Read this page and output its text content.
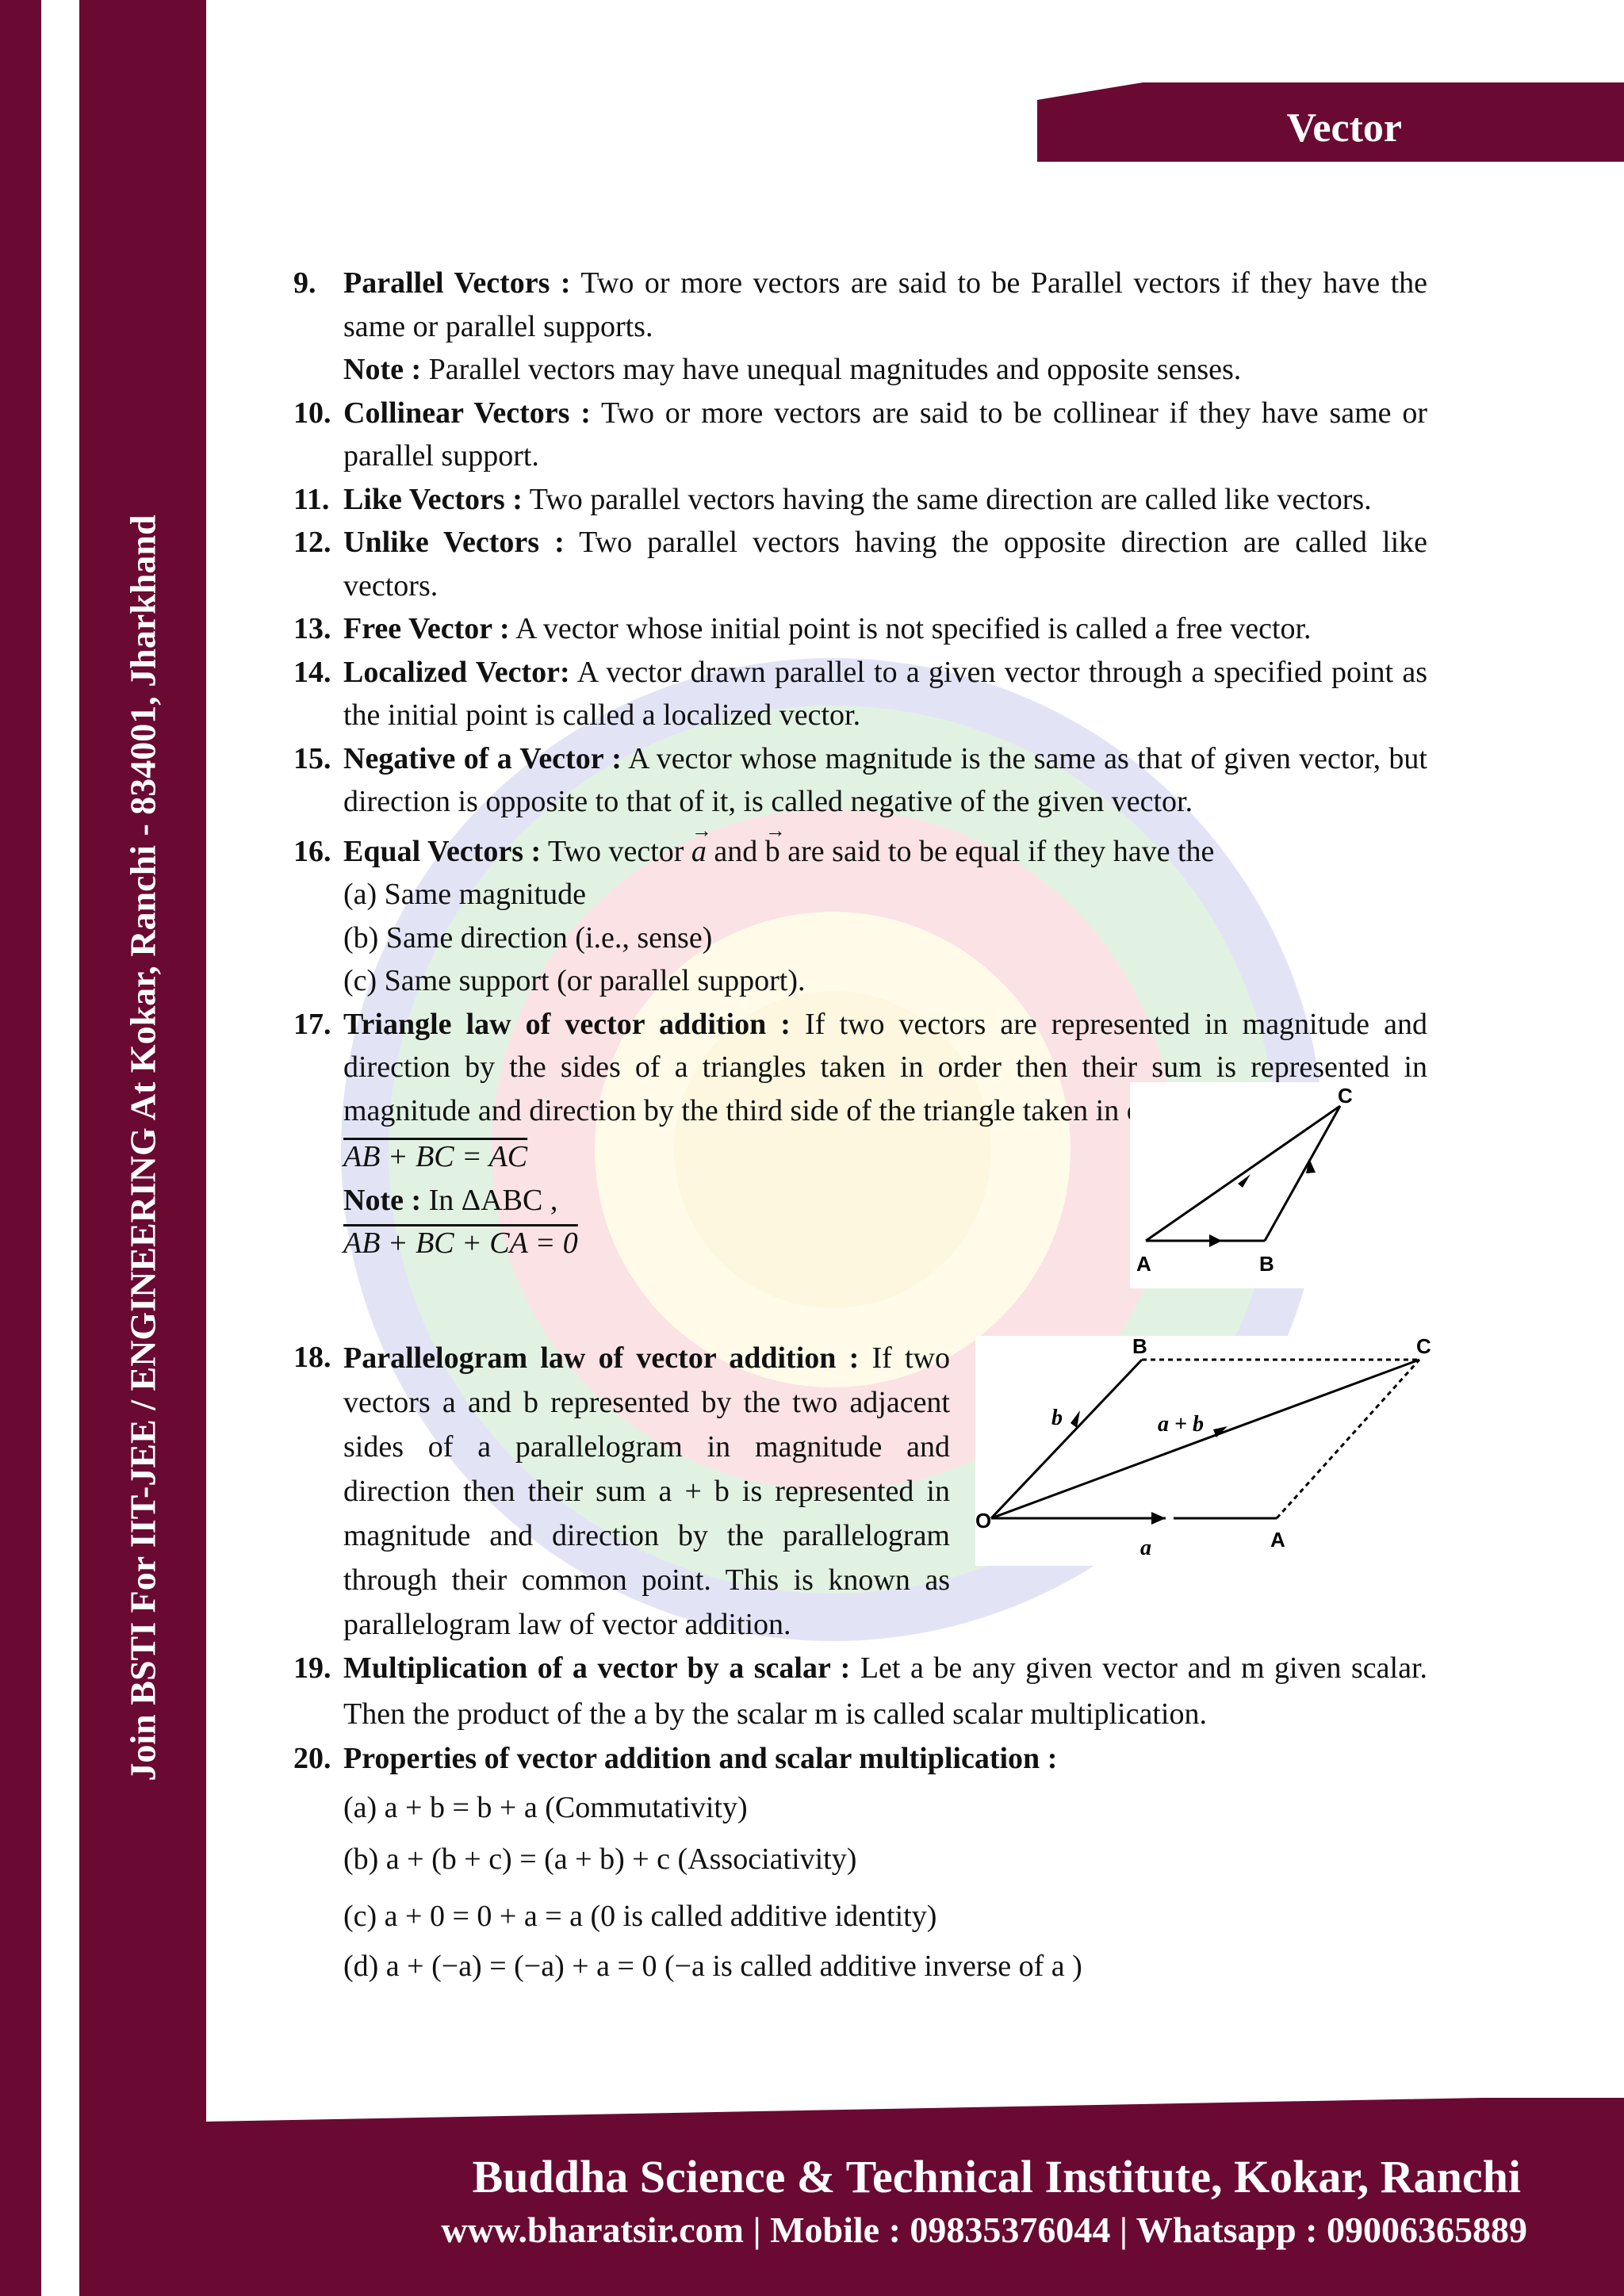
Join BSTI For IIT-JEE / ENGINEERING At Kokar, Ranchi - 834001, Jharkhand
Vector
9. Parallel Vectors : Two or more vectors are said to be Parallel vectors if they have the same or parallel supports.
Note : Parallel vectors may have unequal magnitudes and opposite senses.
10. Collinear Vectors : Two or more vectors are said to be collinear if they have same or parallel support.
11. Like Vectors : Two parallel vectors having the same direction are called like vectors.
12. Unlike Vectors : Two parallel vectors having the opposite direction are called like vectors.
13. Free Vector : A vector whose initial point is not specified is called a free vector.
14. Localized Vector: A vector drawn parallel to a given vector through a specified point as the initial point is called a localized vector.
15. Negative of a Vector : A vector whose magnitude is the same as that of given vector, but direction is opposite to that of it, is called negative of the given vector.
16. Equal Vectors : Two vector → a and → b are said to be equal if they have the
(a) Same magnitude
(b) Same direction (i.e., sense)
(c) Same support (or parallel support).
17. Triangle law of vector addition : If two vectors are represented in magnitude and direction by the sides of a triangles taken in order then their sum is represented in magnitude and direction by the third side of the triangle taken in opposite order.
AB + BC = AC
Note : In ΔABC ,
AB + BC + CA = 0
A	B
C
18. Parallelogram law of vector addition : If two vectors a and b represented by the two adjacent sides of a parallelogram in magnitude and direction then their sum a + b is represented in magnitude and direction by the parallelogram through their common point. This is known as parallelogram law of vector addition.
O
A
B	C
b	a + b
a
19. Multiplication of a vector by a scalar : Let a be any given vector and m given scalar. Then the product of the a by the scalar m is called scalar multiplication.
20. Properties of vector addition and scalar multiplication :
(a) a + b = b + a (Commutativity)
(b) a + (b + c) = (a + b) + c (Associativity)
(c) a + 0 = 0 + a = a (0 is called additive identity)
(d) a + (−a) = (−a) + a = 0 (−a is called additive inverse of a )
Buddha Science & Technical Institute, Kokar, Ranchi
www.bharatsir.com | Mobile : 09835376044 | Whatsapp : 09006365889
